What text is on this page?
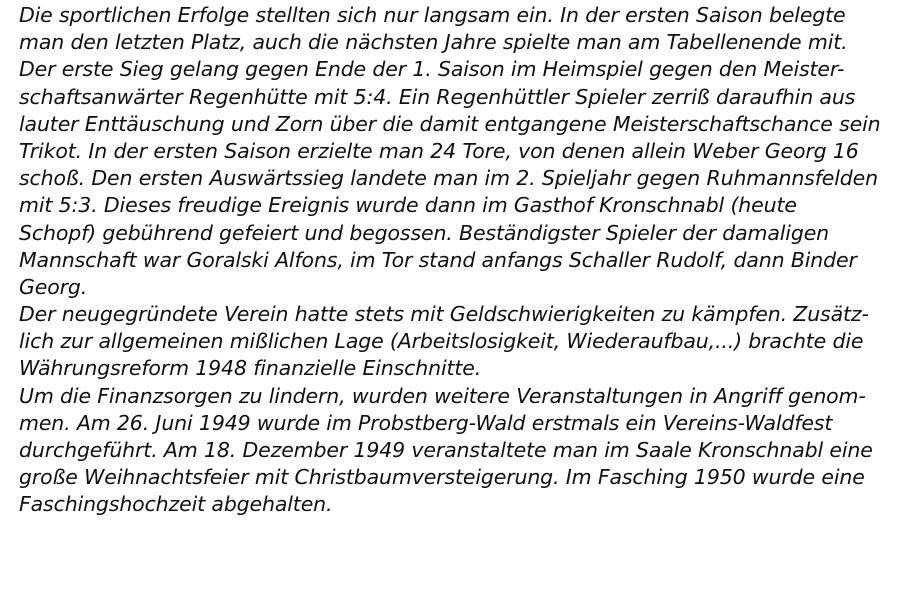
Die sportlichen Erfolge stellten sich nur langsam ein. In der ersten Saison belegte
man den letzten Platz, auch die nächsten Jahre spielte man am Tabellenende mit.
Der erste Sieg gelang gegen Ende der 1. Saison im Heimspiel gegen den Meister-
schaftsanwärter Regenhütte mit 5:4. Ein Regenhüttler Spieler zerriß daraufhin aus
lauter Enttäuschung und Zorn über die damit entgangene Meisterschaftschance sein
Trikot. In der ersten Saison erzielte man 24 Tore, von denen allein Weber Georg 16
schoß. Den ersten Auswärtssieg landete man im 2. Spieljahr gegen Ruhmannsfelden
mit 5:3. Dieses freudige Ereignis wurde dann im Gasthof Kronschnabl (heute
Schopf) gebührend gefeiert und begossen. Beständigster Spieler der damaligen
Mannschaft war Goralski Alfons, im Tor stand anfangs Schaller Rudolf, dann Binder
Georg.
Der neugegründete Verein hatte stets mit Geldschwierigkeiten zu kämpfen. Zusätz-
lich zur allgemeinen mißlichen Lage (Arbeitslosigkeit, Wiederaufbau,...) brachte die
Währungsreform 1948 finanzielle Einschnitte.
Um die Finanzsorgen zu lindern, wurden weitere Veranstaltungen in Angriff genom-
men. Am 26. Juni 1949 wurde im Probstberg-Wald erstmals ein Vereins-Waldfest
durchgeführt. Am 18. Dezember 1949 veranstaltete man im Saale Kronschnabl eine
große Weihnachtsfeier mit Christbaumversteigerung. Im Fasching 1950 wurde eine
Faschingshochzeit abgehalten.
